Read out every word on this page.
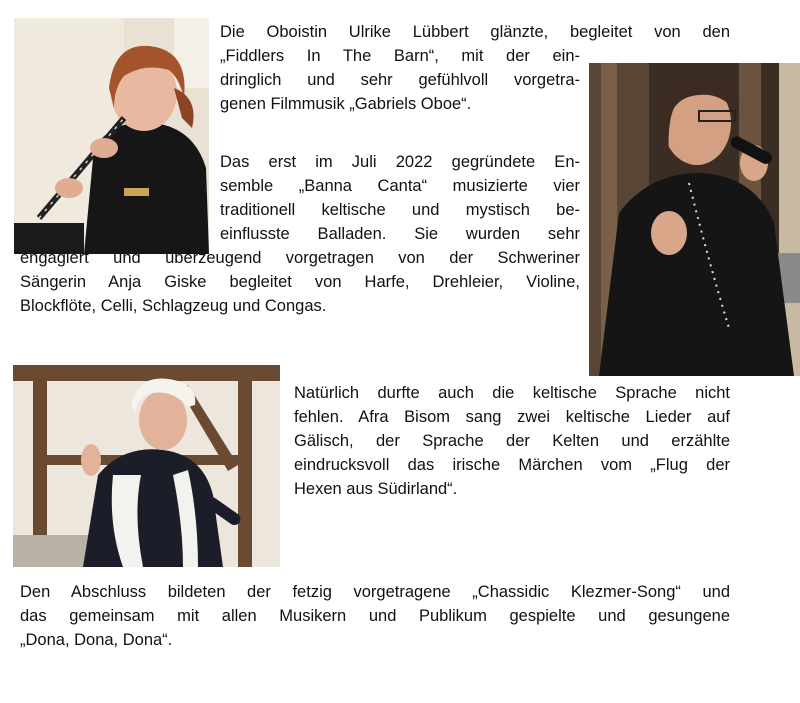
Die Oboistin Ulrike Lübbert glänzte, begleitet von den
„Fiddlers In The Barn“, mit der ein-
dringlich und sehr gefühlvoll vorgetra-
genen Filmmusik „Gabriels Oboe“.
Das erst im Juli 2022 gegründete En-
semble „Banna Canta“ musizierte vier
traditionell keltische und mystisch be-
einflusste Balladen. Sie wurden sehr
engagiert und überzeugend vorgetragen von der Schweriner
Sängerin Anja Giske begleitet von Harfe, Drehleier, Violine,
Blockflöte, Celli, Schlagzeug und Congas.
Natürlich durfte auch die keltische Sprache nicht
fehlen. Afra Bisom sang zwei keltische Lieder auf
Gälisch, der Sprache der Kelten und erzählte
eindrucksvoll das irische Märchen vom „Flug der
Hexen aus Südirland“.
Den Abschluss bildeten der fetzig vorgetragene „Chassidic Klezmer-Song“ und
das gemeinsam mit allen Musikern und Publikum gespielte und gesungene
„Dona, Dona, Dona“.
